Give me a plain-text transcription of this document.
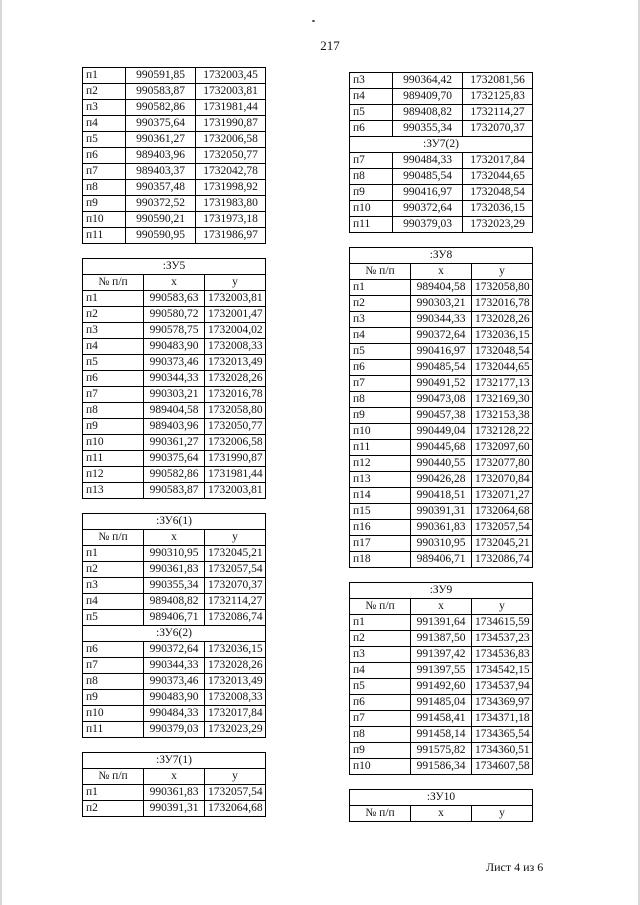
217
п1	990591,85	1732003,45
п2	990583,87	1732003,81
п3	990582,86	1731981,44
п4	990375,64	1731990,87
п5	990361,27	1732006,58
п6	989403,96	1732050,77
п7	989403,37	1732042,78
п8	990357,48	1731998,92
п9	990372,52	1731983,80
п10	990590,21	1731973,18
п11	990590,95	1731986,97
:ЗУ5		
№ п/п	x	y
п1	990583,63	1732003,81
п2	990580,72	1732001,47
п3	990578,75	1732004,02
п4	990483,90	1732008,33
п5	990373,46	1732013,49
п6	990344,33	1732028,26
п7	990303,21	1732016,78
п8	989404,58	1732058,80
п9	989403,96	1732050,77
п10	990361,27	1732006,58
п11	990375,64	1731990,87
п12	990582,86	1731981,44
п13	990583,87	1732003,81
:ЗУ6(1)		
№ п/п	x	y
п1	990310,95	1732045,21
п2	990361,83	1732057,54
п3	990355,34	1732070,37
п4	989408,82	1732114,27
п5	989406,71	1732086,74
:ЗУ6(2)		
п6	990372,64	1732036,15
п7	990344,33	1732028,26
п8	990373,46	1732013,49
п9	990483,90	1732008,33
п10	990484,33	1732017,84
п11	990379,03	1732023,29
:ЗУ7(1)		
№ п/п	x	y
п1	990361,83	1732057,54
п2	990391,31	1732064,68
п3	990364,42	1732081,56
п4	989409,70	1732125,83
п5	989408,82	1732114,27
п6	990355,34	1732070,37
:ЗУ7(2)		
п7	990484,33	1732017,84
п8	990485,54	1732044,65
п9	990416,97	1732048,54
п10	990372,64	1732036,15
п11	990379,03	1732023,29
:ЗУ8		
№ п/п	x	y
п1	989404,58	1732058,80
п2	990303,21	1732016,78
п3	990344,33	1732028,26
п4	990372,64	1732036,15
п5	990416,97	1732048,54
п6	990485,54	1732044,65
п7	990491,52	1732177,13
п8	990473,08	1732169,30
п9	990457,38	1732153,38
п10	990449,04	1732128,22
п11	990445,68	1732097,60
п12	990440,55	1732077,80
п13	990426,28	1732070,84
п14	990418,51	1732071,27
п15	990391,31	1732064,68
п16	990361,83	1732057,54
п17	990310,95	1732045,21
п18	989406,71	1732086,74
:ЗУ9		
№ п/п	x	y
п1	991391,64	1734615,59
п2	991387,50	1734537,23
п3	991397,42	1734536,83
п4	991397,55	1734542,15
п5	991492,60	1734537,94
п6	991485,04	1734369,97
п7	991458,41	1734371,18
п8	991458,14	1734365,54
п9	991575,82	1734360,51
п10	991586,34	1734607,58
:ЗУ10
№ п/п	x	y
Лист 4 из 6
